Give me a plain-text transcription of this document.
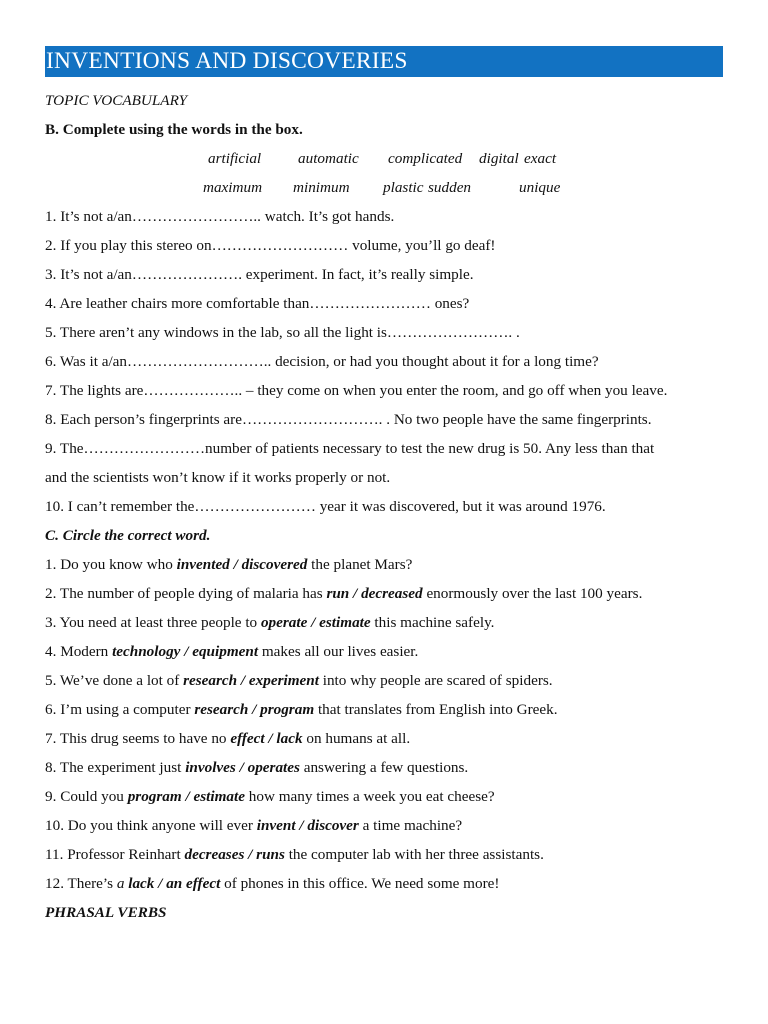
INVENTIONS AND DISCOVERIES
TOPIC VOCABULARY
B. Complete using the words in the box.
artificial automatic complicated digital exact
maximum minimum plastic sudden	unique
1. It’s not a/an…………………….. watch. It’s got hands.
2. If you play this stereo on……………………… volume, you’ll go deaf!
3. It’s not a/an…………………. experiment. In fact, it’s really simple.
4. Are leather chairs more comfortable than…………………… ones?
5. There aren’t any windows in the lab, so all the light is……………………. .
6. Was it a/an……………………….. decision, or had you thought about it for a long time?
7. The lights are……………….. – they come on when you enter the room, and go off when you leave.
8. Each person’s fingerprints are………………………. . No two people have the same fingerprints.
9. The……………………number of patients necessary to test the new drug is 50. Any less than that
and the scientists won’t know if it works properly or not.
10. I can’t remember the…………………… year it was discovered, but it was around 1976.
C. Circle the correct word.
1. Do you know who invented / discovered the planet Mars?
2. The number of people dying of malaria has run / decreased enormously over the last 100 years.
3. You need at least three people to operate / estimate this machine safely.
4. Modern technology / equipment makes all our lives easier.
5. We’ve done a lot of research / experiment into why people are scared of spiders.
6. I’m using a computer research / program that translates from English into Greek.
7. This drug seems to have no effect / lack on humans at all.
8. The experiment just involves / operates answering a few questions.
9. Could you program / estimate how many times a week you eat cheese?
10. Do you think anyone will ever invent / discover a time machine?
11. Professor Reinhart decreases / runs the computer lab with her three assistants.
12. There’s a lack / an effect of phones in this office. We need some more!
PHRASAL VERBS
